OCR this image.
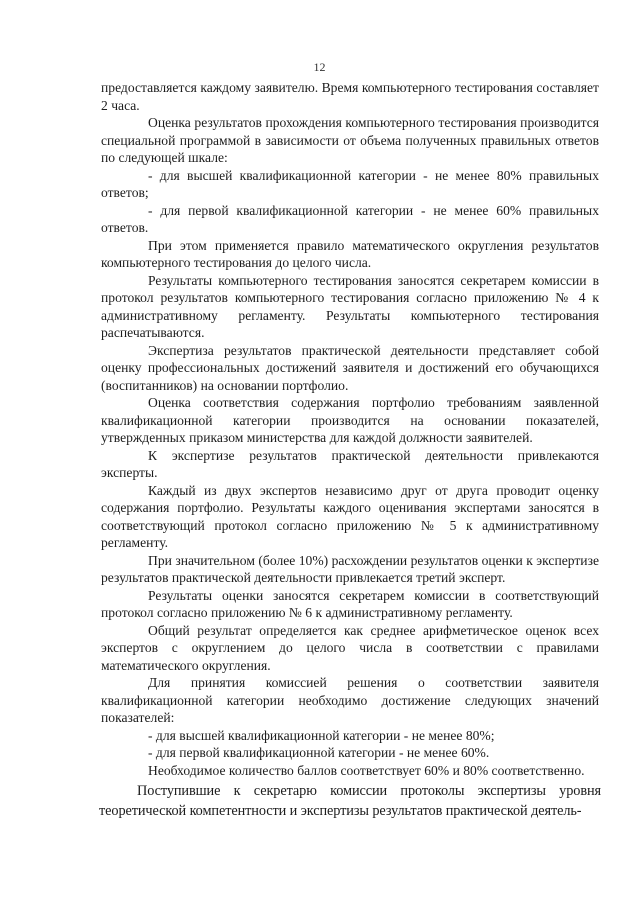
12

предоставляется каждому заявителю. Время компьютерного тестирования составляет 2 часа.

Оценка результатов прохождения компьютерного тестирования производится специальной программой в зависимости от объема полученных правильных ответов по следующей шкале:

- для высшей квалификационной категории - не менее 80% правильных ответов;

- для первой квалификационной категории - не менее 60% правильных ответов.

При этом применяется правило математического округления результатов компьютерного тестирования до целого числа.

Результаты компьютерного тестирования заносятся секретарем комиссии в протокол результатов компьютерного тестирования согласно приложению № 4 к административному регламенту. Результаты компьютерного тестирования распечатываются.

Экспертиза результатов практической деятельности представляет собой оценку профессиональных достижений заявителя и достижений его обучающихся (воспитанников) на основании портфолио.

Оценка соответствия содержания портфолио требованиям заявленной квалификационной категории производится на основании показателей, утвержденных приказом министерства для каждой должности заявителей.

К экспертизе результатов практической деятельности привлекаются эксперты.

Каждый из двух экспертов независимо друг от друга проводит оценку содержания портфолио. Результаты каждого оценивания экспертами заносятся в соответствующий протокол согласно приложению № 5 к административному регламенту.

При значительном (более 10%) расхождении результатов оценки к экспертизе результатов практической деятельности привлекается третий эксперт.

Результаты оценки заносятся секретарем комиссии в соответствующий протокол согласно приложению № 6 к административному регламенту.

Общий результат определяется как среднее арифметическое оценок всех экспертов с округлением до целого числа в соответствии с правилами математического округления.

Для принятия комиссией решения о соответствии заявителя квалификационной категории необходимо достижение следующих значений показателей:

- для высшей квалификационной категории - не менее 80%;

- для первой квалификационной категории - не менее 60%.

Необходимое количество баллов соответствует 60% и 80% соответственно.

Поступившие к секретарю комиссии протоколы экспертизы уровня теоретической компетентности и экспертизы результатов практической деятель-
